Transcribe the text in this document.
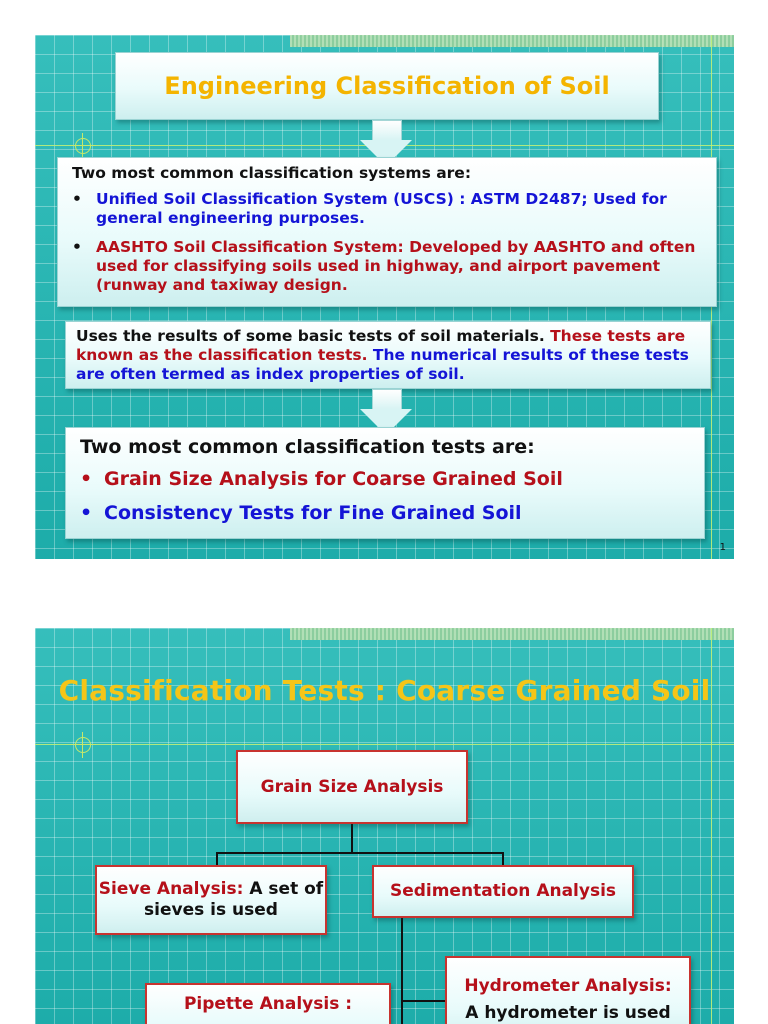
Engineering Classification of Soil

Two most common classification systems are:

• Unified Soil Classification System (USCS) : ASTM D2487; Used for general engineering purposes.
• AASHTO Soil Classification System: Developed by AASHTO and often used for classifying soils used in highway, and airport pavement (runway and taxiway design.

Uses the results of some basic tests of soil materials. These tests are known as the classification tests. The numerical results of these tests are often termed as index properties of soil.

Two most common classification tests are:

• Grain Size Analysis for Coarse Grained Soil
• Consistency Tests for Fine Grained Soil
1
Classification Tests : Coarse Grained Soil
Grain Size Analysis
Sieve Analysis: A set of sieves is used
Sedimentation Analysis
Hydrometer Analysis:
A hydrometer is used
Pipette Analysis :
